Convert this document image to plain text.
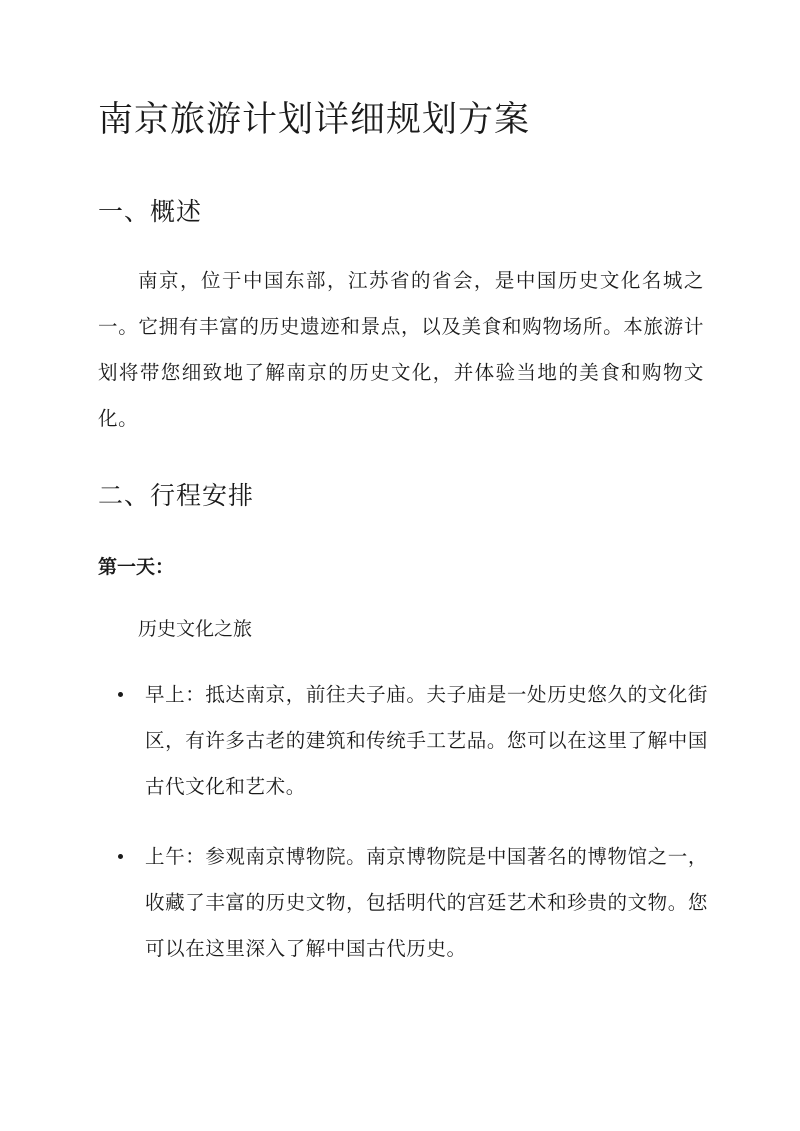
南京旅游计划详细规划方案
一、概述

南京，位于中国东部，江苏省的省会，是中国历史文化名城之一。它拥有丰富的历史遗迹和景点，以及美食和购物场所。本旅游计划将带您细致地了解南京的历史文化，并体验当地的美食和购物文化。

二、行程安排
第一天：
历史文化之旅
早上：抵达南京，前往夫子庙。夫子庙是一处历史悠久的文化街区，有许多古老的建筑和传统手工艺品。您可以在这里了解中国古代文化和艺术。
上午：参观南京博物院。南京博物院是中国著名的博物馆之一，收藏了丰富的历史文物，包括明代的宫廷艺术和珍贵的文物。您可以在这里深入了解中国古代历史。
